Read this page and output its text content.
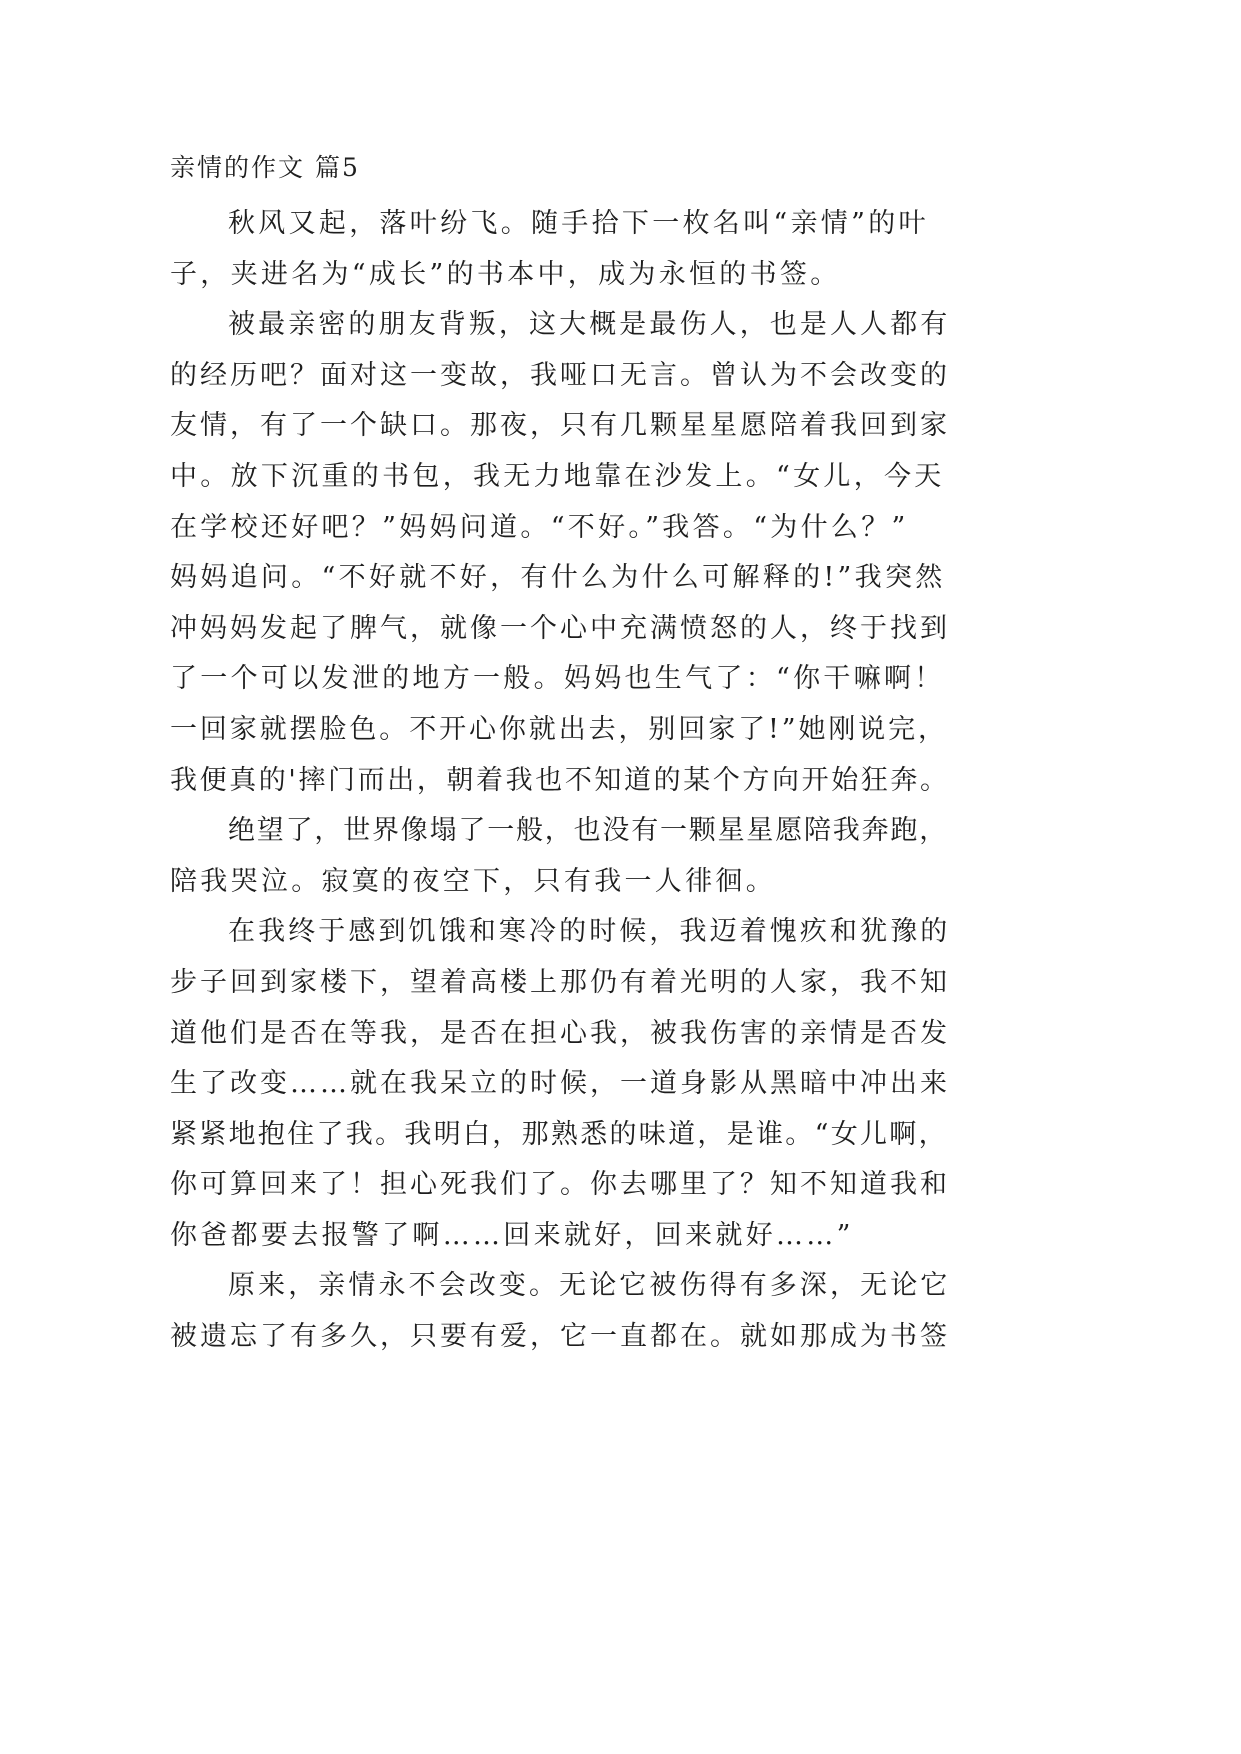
亲情的作文 篇5
秋风又起，落叶纷飞。随手拾下一枚名叫“亲情”的叶
子，夹进名为“成长”的书本中，成为永恒的书签。
被最亲密的朋友背叛，这大概是最伤人，也是人人都有
的经历吧？面对这一变故，我哑口无言。曾认为不会改变的
友情，有了一个缺口。那夜，只有几颗星星愿陪着我回到家
中。放下沉重的书包，我无力地靠在沙发上。“女儿，今天
在学校还好吧？”妈妈问道。“不好。”我答。“为什么？”
妈妈追问。“不好就不好，有什么为什么可解释的!”我突然
冲妈妈发起了脾气，就像一个心中充满愤怒的人，终于找到
了一个可以发泄的地方一般。妈妈也生气了：“你干嘛啊！
一回家就摆脸色。不开心你就出去，别回家了!”她刚说完，
我便真的'摔门而出，朝着我也不知道的某个方向开始狂奔。
绝望了，世界像塌了一般，也没有一颗星星愿陪我奔跑，
陪我哭泣。寂寞的夜空下，只有我一人徘徊。
在我终于感到饥饿和寒冷的时候，我迈着愧疚和犹豫的
步子回到家楼下，望着高楼上那仍有着光明的人家，我不知
道他们是否在等我，是否在担心我，被我伤害的亲情是否发
生了改变……就在我呆立的时候，一道身影从黑暗中冲出来
紧紧地抱住了我。我明白，那熟悉的味道，是谁。“女儿啊，
你可算回来了！担心死我们了。你去哪里了？知不知道我和
你爸都要去报警了啊……回来就好，回来就好……”
原来，亲情永不会改变。无论它被伤得有多深，无论它
被遗忘了有多久，只要有爱，它一直都在。就如那成为书签
